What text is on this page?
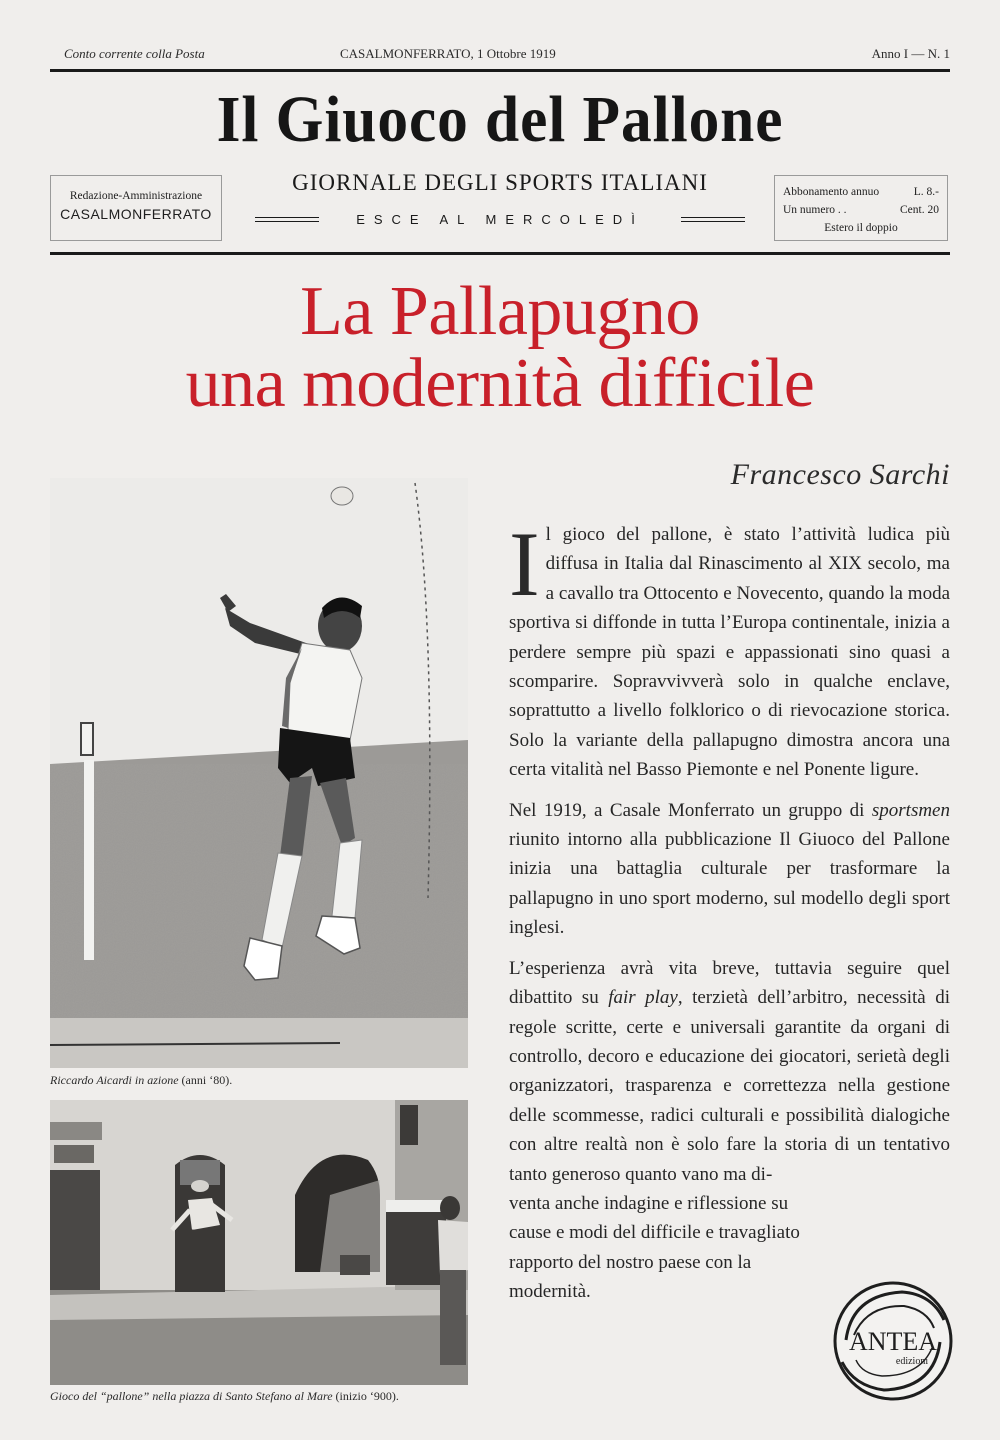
Conto corrente colla Posta	CASALMONFERRATO, 1 Ottobre 1919	Anno I — N. 1
Il Giuoco del Pallone
Redazione-Amministrazione
CASALMONFERRATO
GIORNALE DEGLI SPORTS ITALIANI
ESCE AL MERCOLEDÌ
Abbonamento annuo	L. 8.-
Un numero . .	Cent. 20
Estero il doppio
La Pallapugno
una modernità difficile
Francesco Sarchi
Riccardo Aicardi in azione (anni ‘80).
Gioco del “pallone” nella piazza di Santo Stefano al Mare (inizio ‘900).

Il gioco del pallone, è stato l’attività ludica più diffusa in Italia dal Rinascimento al XIX secolo, ma a cavallo tra Ottocento e Novecento, quando la moda sportiva si diffonde in tutta l’Europa continentale, inizia a perdere sempre più spazi e appassionati sino quasi a scomparire. Sopravvivverà solo in qualche enclave, soprattutto a livello folklorico o di rievocazione storica. Solo la variante della pallapugno dimostra ancora una certa vitalità nel Basso Piemonte e nel Ponente ligure.

Nel 1919, a Casale Monferrato un gruppo di sportsmen riunito intorno alla pubblicazione Il Giuoco del Pallone inizia una battaglia culturale per trasformare la pallapugno in uno sport moderno, sul modello degli sport inglesi.

L’esperienza avrà vita breve, tuttavia seguire quel dibattito su fair play, terzietà dell’arbitro, necessità di regole scritte, certe e universali garantite da organi di controllo, decoro e educazione dei giocatori, serietà degli organizzatori, trasparenza e correttezza nella gestione delle scommesse, radici culturali e possibilità dialogiche con altre realtà non è solo fare la storia di un tentativo tanto generoso quanto vano ma di-

venta anche indagine e riflessione su cause e modi del difficile e travagliato rapporto del nostro paese con la modernità.

ANTEA
edizioni
